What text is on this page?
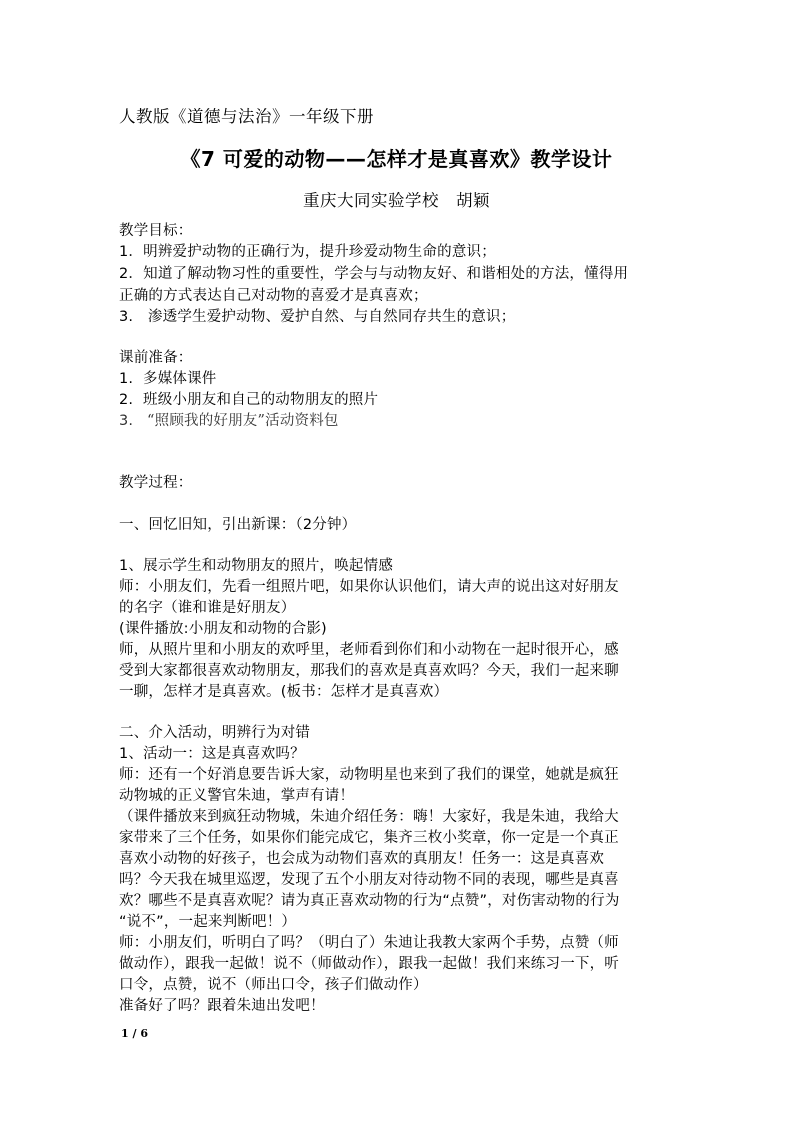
人教版《道德与法治》一年级下册
《7 可爱的动物——怎样才是真喜欢》教学设计
重庆大同实验学校　胡颖
教学目标：
1．明辨爱护动物的正确行为，提升珍爱动物生命的意识；
2．知道了解动物习性的重要性，学会与与动物友好、和谐相处的方法，懂得用
正确的方式表达自己对动物的喜爱才是真喜欢；
3.　渗透学生爱护动物、爱护自然、与自然同存共生的意识；
课前准备：
1. 多媒体课件
2. 班级小朋友和自己的动物朋友的照片
3. “照顾我的好朋友”活动资料包
教学过程：
一、回忆旧知，引出新课：（2分钟）
1、展示学生和动物朋友的照片，唤起情感
师：小朋友们，先看一组照片吧，如果你认识他们，请大声的说出这对好朋友
的名字（谁和谁是好朋友）
(课件播放:小朋友和动物的合影)
师，从照片里和小朋友的欢呼里，老师看到你们和小动物在一起时很开心，感
受到大家都很喜欢动物朋友，那我们的喜欢是真喜欢吗？今天，我们一起来聊
一聊，怎样才是真喜欢。(板书：怎样才是真喜欢）
二、介入活动，明辨行为对错
1、活动一：这是真喜欢吗？
师：还有一个好消息要告诉大家，动物明星也来到了我们的课堂，她就是疯狂
动物城的正义警官朱迪，掌声有请！
（课件播放来到疯狂动物城，朱迪介绍任务：嗨！大家好，我是朱迪，我给大
家带来了三个任务，如果你们能完成它，集齐三枚小奖章，你一定是一个真正
喜欢小动物的好孩子，也会成为动物们喜欢的真朋友！任务一：这是真喜欢
吗？今天我在城里巡逻，发现了五个小朋友对待动物不同的表现，哪些是真喜
欢？哪些不是真喜欢呢？请为真正喜欢动物的行为“点赞”，对伤害动物的行为
“说不”，一起来判断吧！）
师：小朋友们，听明白了吗？（明白了）朱迪让我教大家两个手势，点赞（师
做动作），跟我一起做！说不（师做动作），跟我一起做！我们来练习一下，听
口令，点赞，说不（师出口令，孩子们做动作）
准备好了吗？跟着朱迪出发吧！
1 / 6
